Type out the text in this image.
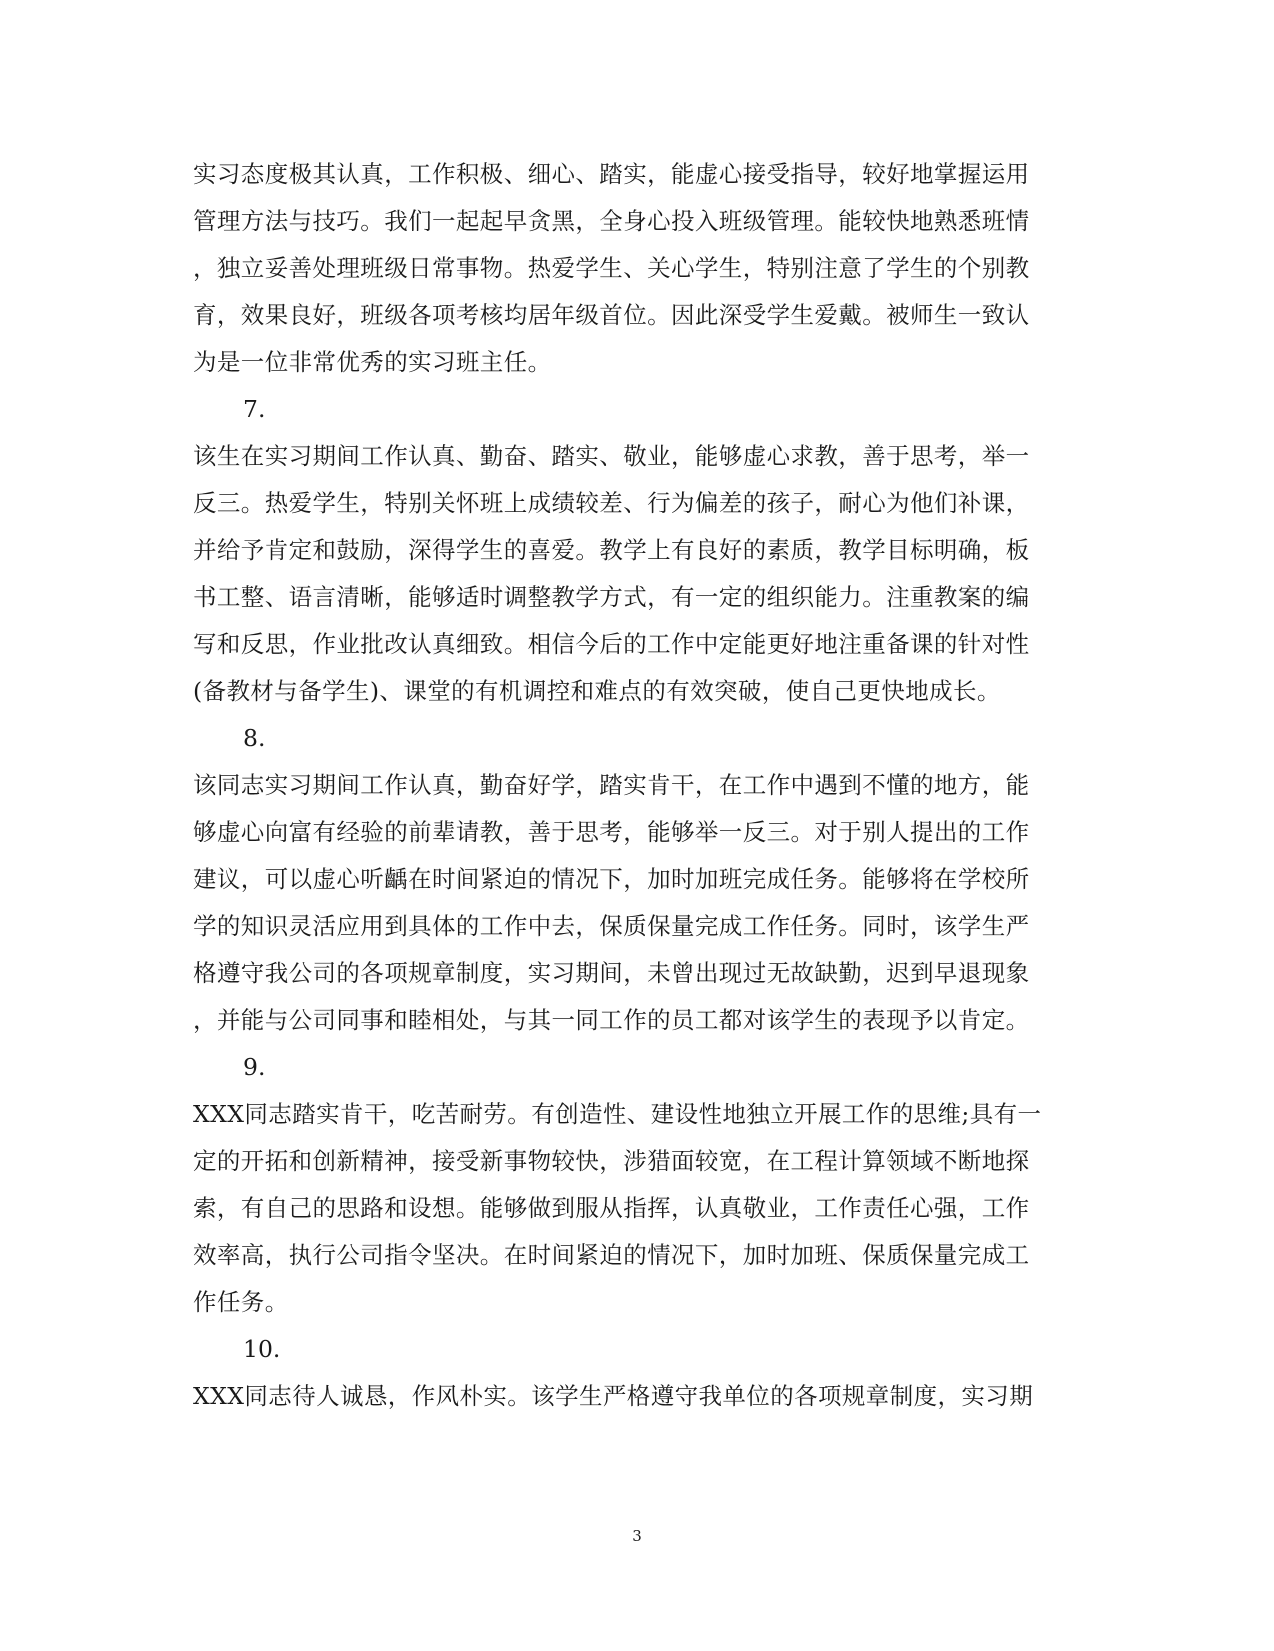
实习态度极其认真，工作积极、细心、踏实，能虚心接受指导，较好地掌握运用
管理方法与技巧。我们一起起早贪黑，全身心投入班级管理。能较快地熟悉班情
，独立妥善处理班级日常事物。热爱学生、关心学生，特别注意了学生的个别教
育，效果良好，班级各项考核均居年级首位。因此深受学生爱戴。被师生一致认
为是一位非常优秀的实习班主任。
7.
该生在实习期间工作认真、勤奋、踏实、敬业，能够虚心求教，善于思考，举一
反三。热爱学生，特别关怀班上成绩较差、行为偏差的孩子，耐心为他们补课，
并给予肯定和鼓励，深得学生的喜爱。教学上有良好的素质，教学目标明确，板
书工整、语言清晰，能够适时调整教学方式，有一定的组织能力。注重教案的编
写和反思，作业批改认真细致。相信今后的工作中定能更好地注重备课的针对性
(备教材与备学生)、课堂的有机调控和难点的有效突破，使自己更快地成长。
8.
该同志实习期间工作认真，勤奋好学，踏实肯干，在工作中遇到不懂的地方，能
够虚心向富有经验的前辈请教，善于思考，能够举一反三。对于别人提出的工作
建议，可以虚心听齲在时间紧迫的情况下，加时加班完成任务。能够将在学校所
学的知识灵活应用到具体的工作中去，保质保量完成工作任务。同时，该学生严
格遵守我公司的各项规章制度，实习期间，未曾出现过无故缺勤，迟到早退现象
，并能与公司同事和睦相处，与其一同工作的员工都对该学生的表现予以肯定。
9.
XXX同志踏实肯干，吃苦耐劳。有创造性、建设性地独立开展工作的思维;具有一
定的开拓和创新精神，接受新事物较快，涉猎面较宽，在工程计算领域不断地探
索，有自己的思路和设想。能够做到服从指挥，认真敬业，工作责任心强，工作
效率高，执行公司指令坚决。在时间紧迫的情况下，加时加班、保质保量完成工
作任务。
10.
XXX同志待人诚恳，作风朴实。该学生严格遵守我单位的各项规章制度，实习期
3
